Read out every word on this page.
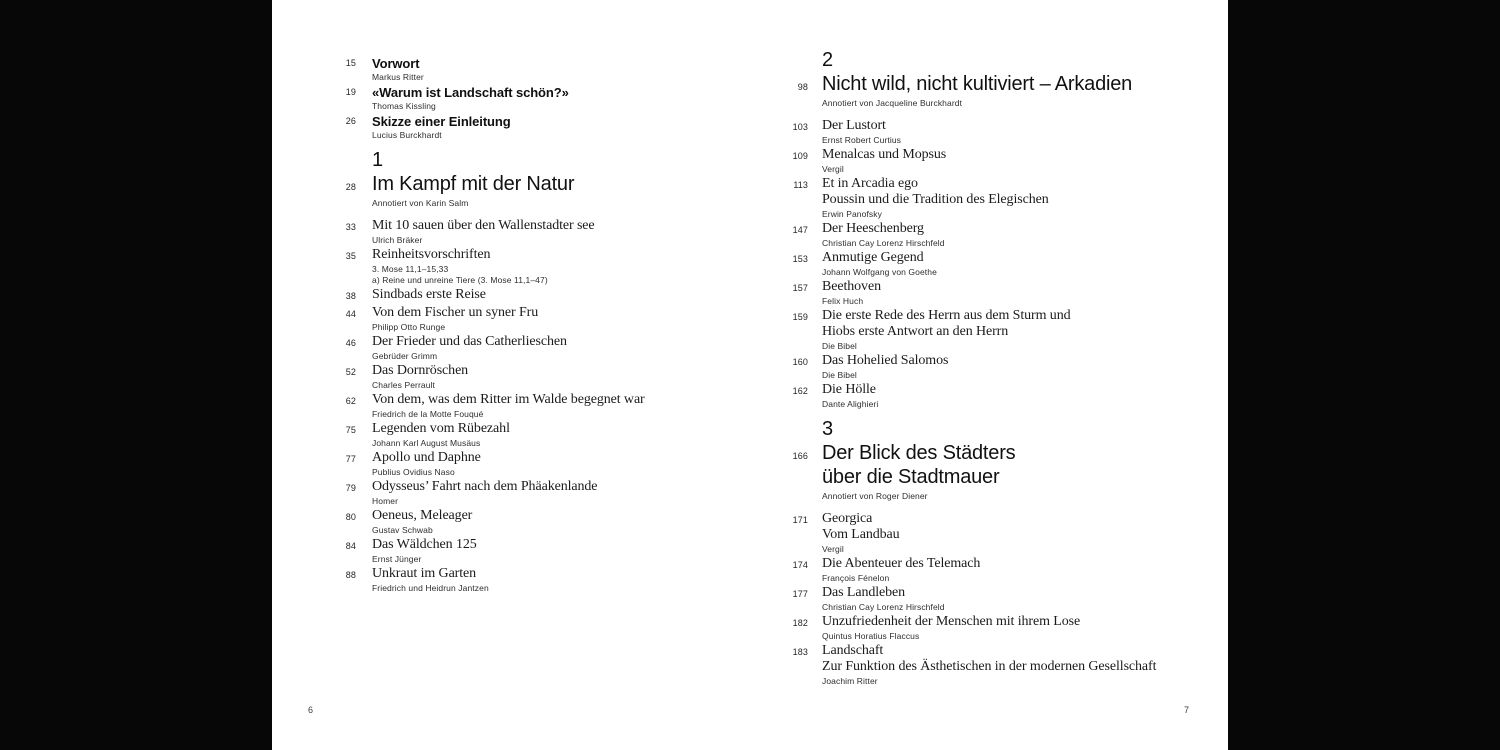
15	Vorwort
Markus Ritter
19	«Warum ist Landschaft schön?»
Thomas Kissling
26	Skizze einer Einleitung
Lucius Burckhardt
1
28 Im Kampf mit der Natur
Annotiert von Karin Salm
33	Mit 10 sauen über den Wallenstadter see
Ulrich Bräker
35	Reinheitsvorschriften
3. Mose 11,1–15,33
a) Reine und unreine Tiere (3. Mose 11,1–47)
38	Sindbads erste Reise
44	Von dem Fischer un syner Fru
Philipp Otto Runge
46	Der Frieder und das Catherlieschen
Gebrüder Grimm
52	Das Dornröschen
Charles Perrault
62	Von dem, was dem Ritter im Walde begegnet war
Friedrich de la Motte Fouqué
75	Legenden vom Rübezahl
Johann Karl August Musäus
77	Apollo und Daphne
Publius Ovidius Naso
79	Odysseus’ Fahrt nach dem Phäakenlande
Homer
80	Oeneus, Meleager
Gustav Schwab
84	Das Wäldchen 125
Ernst Jünger
88	Unkraut im Garten
Friedrich und Heidrun Jantzen
6
2
98 Nicht wild, nicht kultiviert – Arkadien
Annotiert von Jacqueline Burckhardt
103	Der Lustort
Ernst Robert Curtius
109	Menalcas und Mopsus
Vergil
113	Et in Arcadia ego
Poussin und die Tradition des Elegischen
Erwin Panofsky
147	Der Heeschenberg
Christian Cay Lorenz Hirschfeld
153	Anmutige Gegend
Johann Wolfgang von Goethe
157	Beethoven
Felix Huch
159	Die erste Rede des Herrn aus dem Sturm und
Hiobs erste Antwort an den Herrn
Die Bibel
160	Das Hohelied Salomos
Die Bibel
162	Die Hölle
Dante Alighieri
3
166 Der Blick des Städters
über die Stadtmauer
Annotiert von Roger Diener
171	Georgica
Vom Landbau
Vergil
174	Die Abenteuer des Telemach
François Fénelon
177	Das Landleben
Christian Cay Lorenz Hirschfeld
182	Unzufriedenheit der Menschen mit ihrem Lose
Quintus Horatius Flaccus
183	Landschaft
Zur Funktion des Ästhetischen in der modernen Gesellschaft
Joachim Ritter
7
